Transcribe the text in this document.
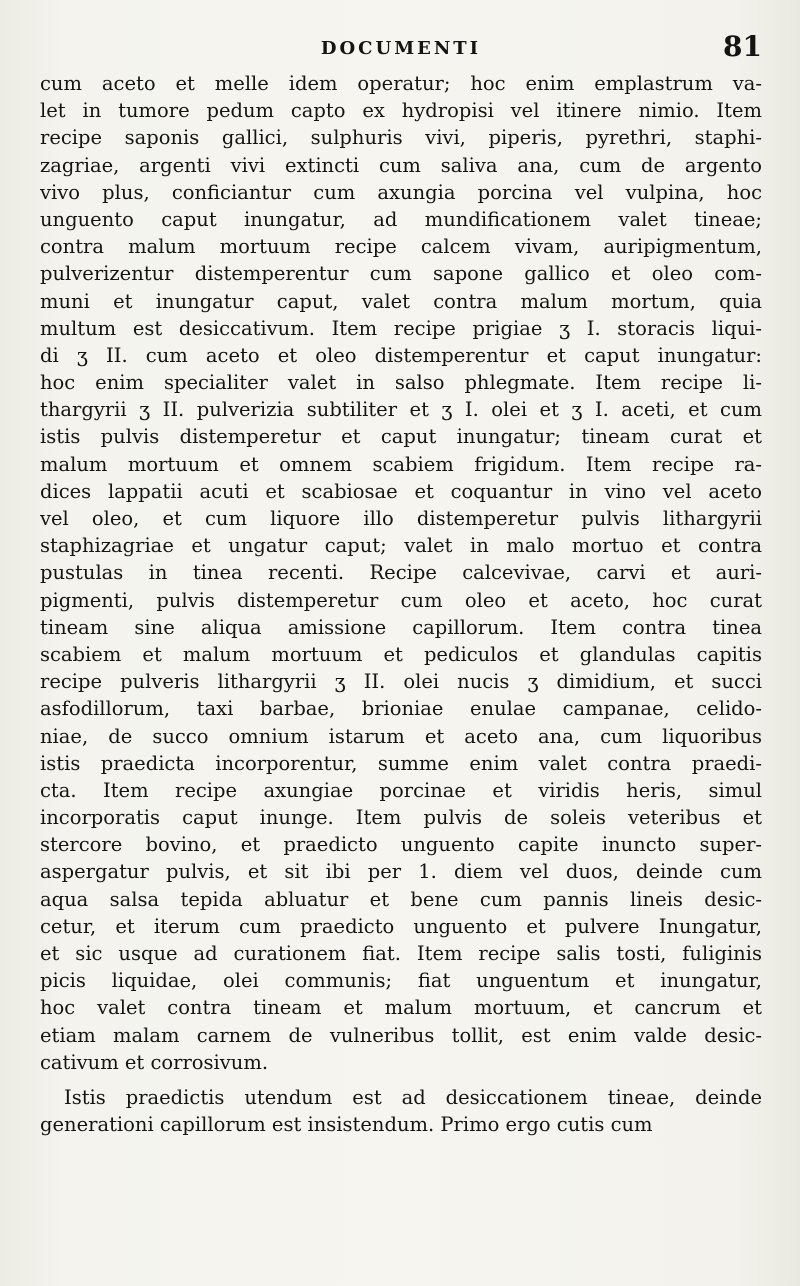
DOCUMENTI	81
cum aceto et melle idem operatur; hoc enim emplastrum va-
let in tumore pedum capto ex hydropisi vel itinere nimio. Item
recipe saponis gallici, sulphuris vivi, piperis, pyrethri, staphi-
zagriae, argenti vivi extincti cum saliva ana, cum de argento
vivo plus, conficiantur cum axungia porcina vel vulpina, hoc
unguento caput inungatur, ad mundificationem valet tineae;
contra malum mortuum recipe calcem vivam, auripigmentum,
pulverizentur distemperentur cum sapone gallico et oleo com-
muni et inungatur caput, valet contra malum mortum, quia
multum est desiccativum. Item recipe prigiae ʒ I. storacis liqui-
di ʒ II. cum aceto et oleo distemperentur et caput inungatur:
hoc enim specialiter valet in salso phlegmate. Item recipe li-
thargyrii ʒ II. pulverizia subtiliter et ʒ I. olei et ʒ I. aceti, et cum
istis pulvis distemperetur et caput inungatur; tineam curat et
malum mortuum et omnem scabiem frigidum. Item recipe ra-
dices lappatii acuti et scabiosae et coquantur in vino vel aceto
vel oleo, et cum liquore illo distemperetur pulvis lithargyrii
staphizagriae et ungatur caput; valet in malo mortuo et contra
pustulas in tinea recenti. Recipe calcevivae, carvi et auri-
pigmenti, pulvis distemperetur cum oleo et aceto, hoc curat
tineam sine aliqua amissione capillorum. Item contra tinea
scabiem et malum mortuum et pediculos et glandulas capitis
recipe pulveris lithargyrii ʒ II. olei nucis ʒ dimidium, et succi
asfodillorum, taxi barbae, brioniae enulae campanae, celido-
niae, de succo omnium istarum et aceto ana, cum liquoribus
istis praedicta incorporentur, summe enim valet contra praedi-
cta. Item recipe axungiae porcinae et viridis heris, simul
incorporatis caput inunge. Item pulvis de soleis veteribus et
stercore bovino, et praedicto unguento capite inuncto super-
aspergatur pulvis, et sit ibi per 1. diem vel duos, deinde cum
aqua salsa tepida abluatur et bene cum pannis lineis desic-
cetur, et iterum cum praedicto unguento et pulvere Inungatur,
et sic usque ad curationem fiat. Item recipe salis tosti, fuliginis
picis liquidae, olei communis; fiat unguentum et inungatur,
hoc valet contra tineam et malum mortuum, et cancrum et
etiam malam carnem de vulneribus tollit, est enim valde desic-
cativum et corrosivum.
Istis praedictis utendum est ad desiccationem tineae, deinde
generationi capillorum est insistendum. Primo ergo cutis cum
